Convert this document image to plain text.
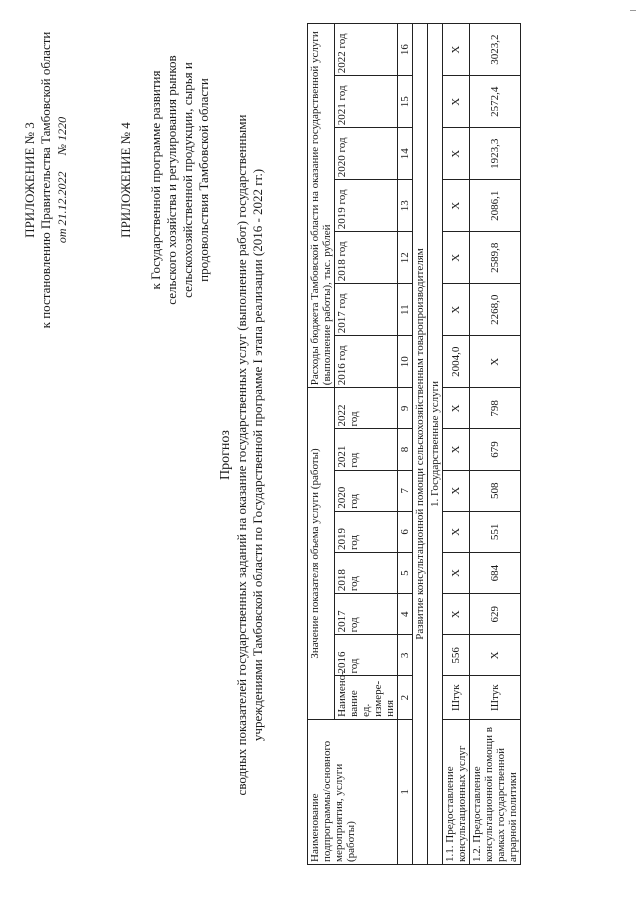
ПРИЛОЖЕНИЕ № 3 к постановлению Правительства Тамбовской области от 21.12.2022     № 1220	ПРИЛОЖЕНИЕ № 4 к Государственной программе развития сельского хозяйства и регулирования рынков сельскохозяйственной продукции, сырья и продовольствия Тамбовской области
Прогноз сводных показателей государственных заданий на оказание государственных услуг (выполнение работ) государственными учреждениями Тамбовской области по Государственной программе I этапа реализации (2016 - 2022 гг.)
Наименование подпрограммы/основного мероприятия, услуги (работы)	Значение показателя объема услуги (работы)								Расходы бюджета Тамбовской области на оказание государственной услуги (выполнение работы), тыс. рублей						
	Наимено-вание ед. измере-ния	2016 год	2017 год	2018 год	2019 год	2020 год	2021 год	2022 год	2016 год	2017 год	2018 год	2019 год	2020 год	2021 год	2022 год
1	2	3	4	5	6	7	8	9	10	11	12	13	14	15	16
Развитие консультационной помощи сельскохозяйственным товаропроизводителям															
1. Государственные услуги															
1.1. Предоставление консультационных услуг	Штук	556	X	X	X	X	X	X	2004,0	X	X	X	X	X	X
1.2. Предоставление консультационной помощи в рамках государственной аграрной политики	Штук	X	629	684	551	508	679	798	X	2268,0	2589,8	2086,1	1923,3	2572,4	3023,2
